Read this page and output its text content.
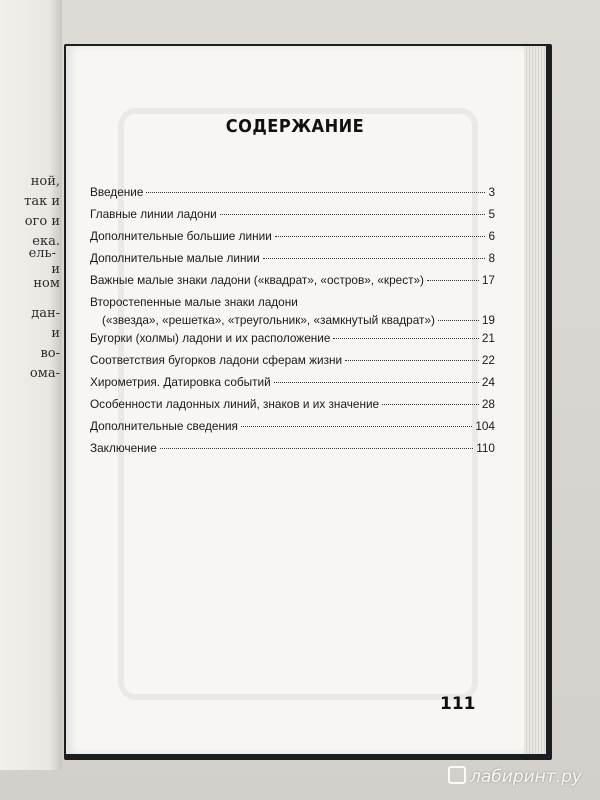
ной,
так и
ого и
ека.
ель-
и
ном
дан-
и
во-
ома-
СОДЕРЖАНИЕ
Введение	3
Главные линии ладони	5
Дополнительные большие линии	6
Дополнительные малые линии	8
Важные малые знаки ладони («квадрат», «остров», «крест»)	17
Второстепенные малые знаки ладони
(«звезда», «решетка», «треугольник», «замкнутый квадрат»)	19
Бугорки (холмы) ладони и их расположение	21
Соответствия бугорков ладони сферам жизни	22
Хирометрия. Датировка событий	24
Особенности ладонных линий, знаков и их значение	28
Дополнительные сведения	104
Заключение	110
111
лабиринт.ру
